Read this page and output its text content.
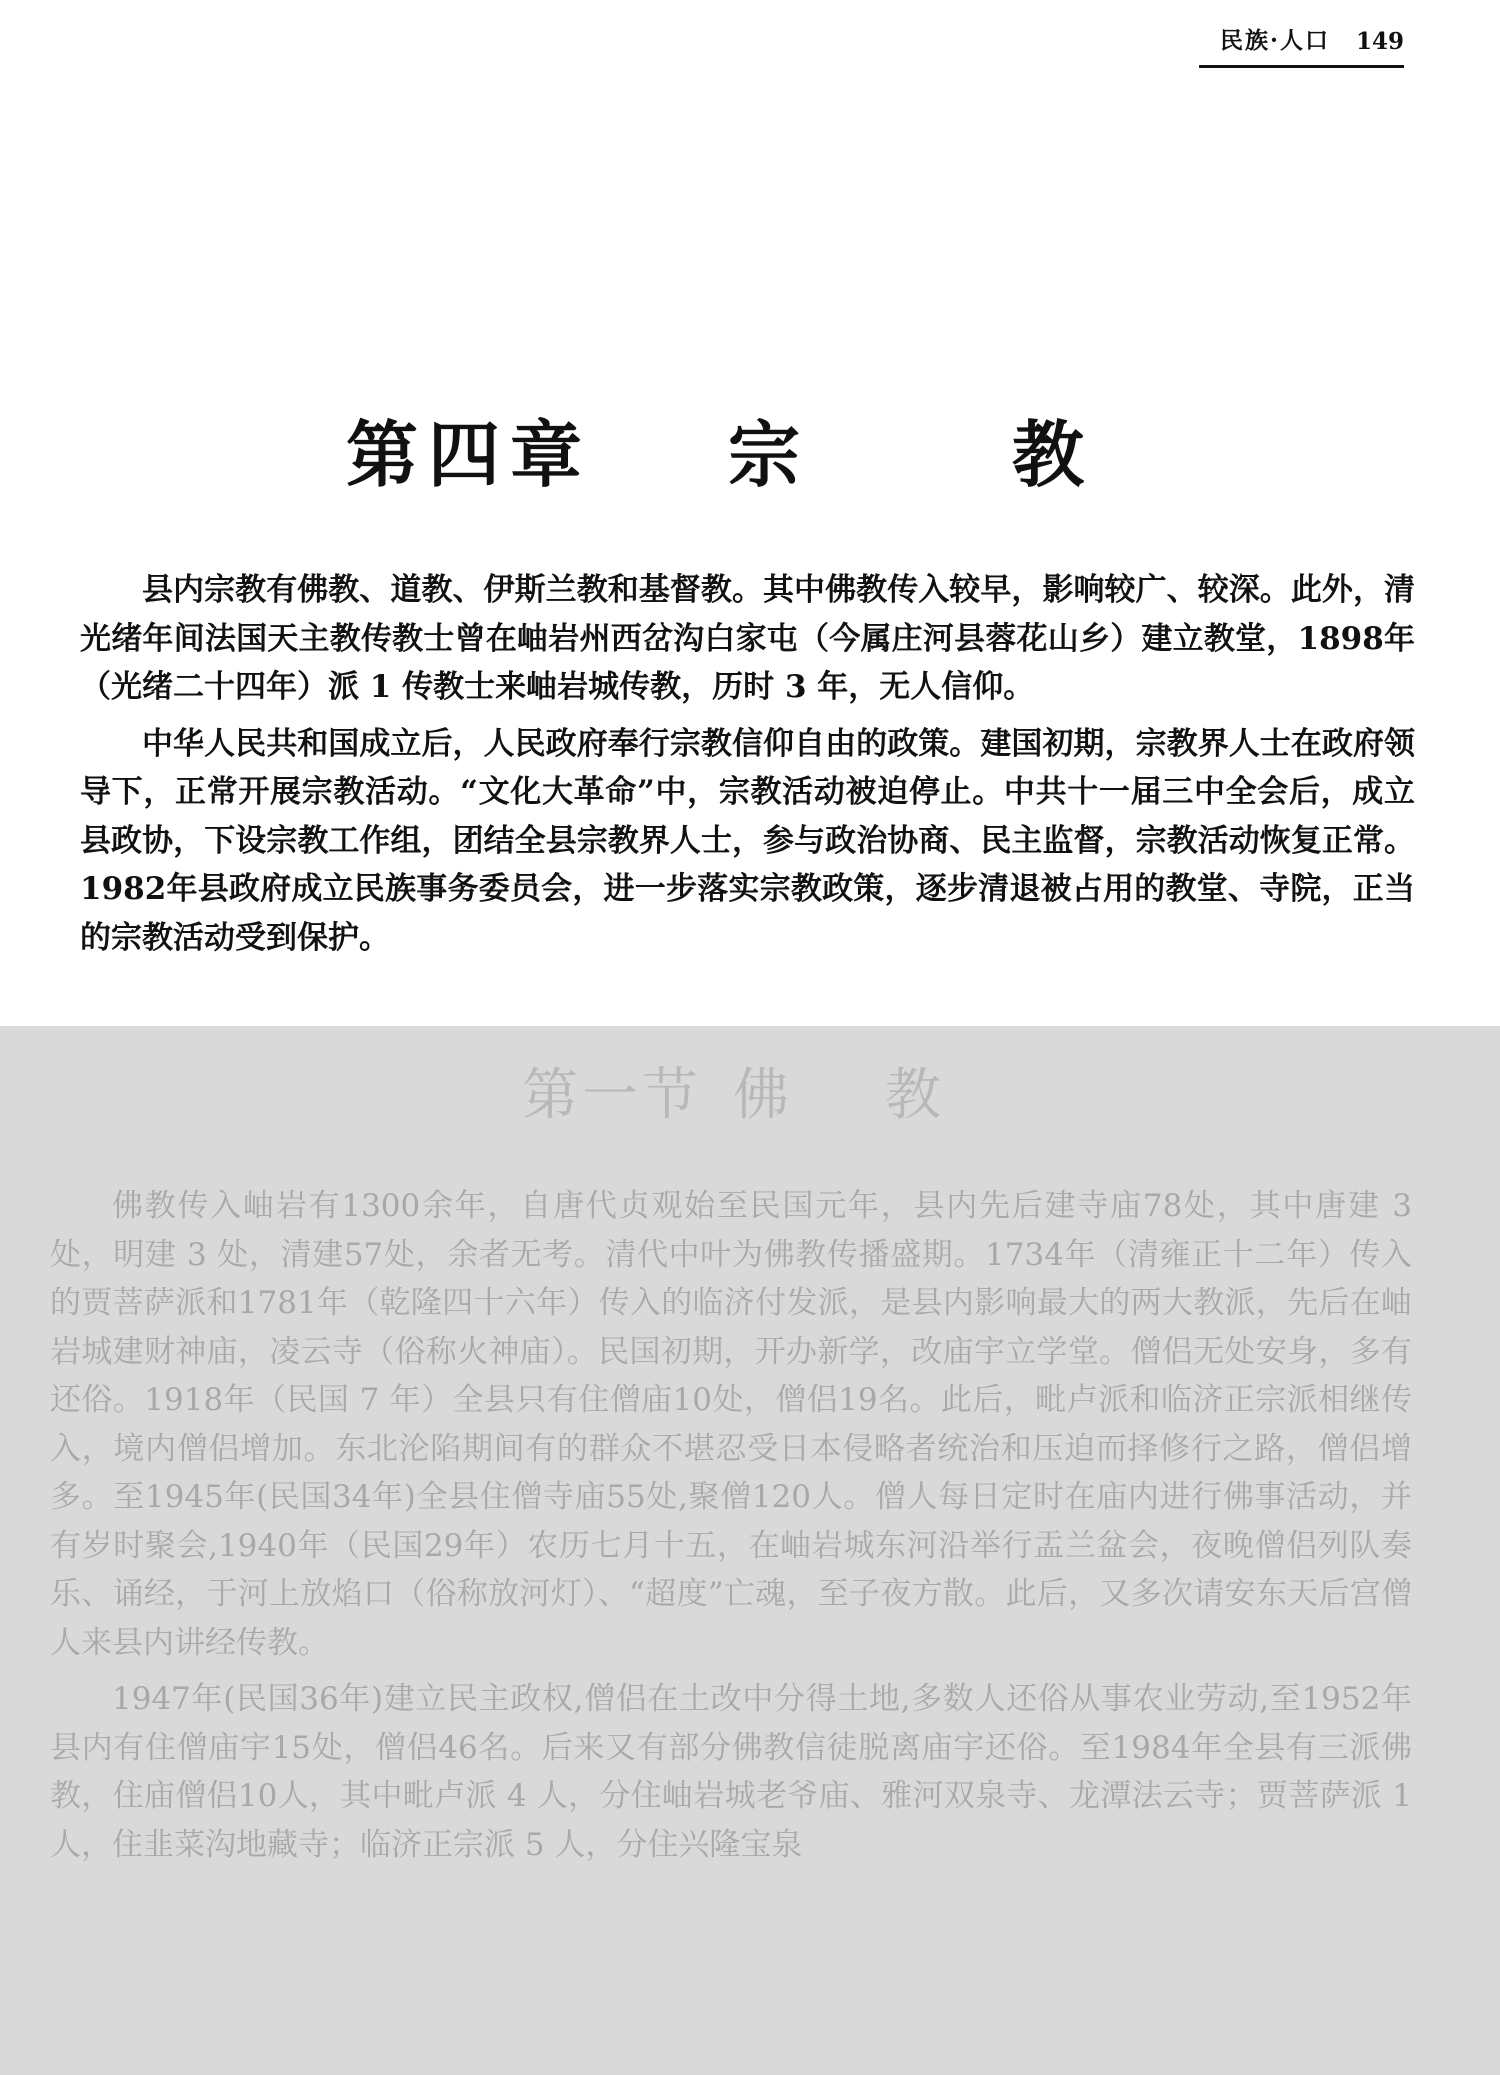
民族·人口 149
第四章 宗	教

县内宗教有佛教、道教、伊斯兰教和基督教。其中佛教传入较早，影响较广、较深。此外，清光绪年间法国天主教传教士曾在岫岩州西岔沟白家屯（今属庄河县蓉花山乡）建立教堂，1898年（光绪二十四年）派 1 传教士来岫岩城传教，历时 3 年，无人信仰。

中华人民共和国成立后，人民政府奉行宗教信仰自由的政策。建国初期，宗教界人士在政府领导下，正常开展宗教活动。“文化大革命”中，宗教活动被迫停止。中共十一届三中全会后，成立县政协，下设宗教工作组，团结全县宗教界人士，参与政治协商、民主监督，宗教活动恢复正常。1982年县政府成立民族事务委员会，进一步落实宗教政策，逐步清退被占用的教堂、寺院，正当的宗教活动受到保护。

第一节 佛 教

佛教传入岫岩有1300余年，自唐代贞观始至民国元年，县内先后建寺庙78处，其中唐建 3 处，明建 3 处，清建57处，余者无考。清代中叶为佛教传播盛期。1734年（清雍正十二年）传入的贾菩萨派和1781年（乾隆四十六年）传入的临济付发派，是县内影响最大的两大教派，先后在岫岩城建财神庙，凌云寺（俗称火神庙）。民国初期，开办新学，改庙宇立学堂。僧侣无处安身，多有还俗。1918年（民国 7 年）全县只有住僧庙10处，僧侣19名。此后，毗卢派和临济正宗派相继传入，境内僧侣增加。东北沦陷期间有的群众不堪忍受日本侵略者统治和压迫而择修行之路，僧侣增多。至1945年(民国34年)全县住僧寺庙55处,聚僧120人。僧人每日定时在庙内进行佛事活动，并有岁时聚会,1940年（民国29年）农历七月十五，在岫岩城东河沿举行盂兰盆会，夜晚僧侣列队奏乐、诵经，于河上放焰口（俗称放河灯）、“超度”亡魂，至子夜方散。此后，又多次请安东天后宫僧人来县内讲经传教。

1947年(民国36年)建立民主政权,僧侣在土改中分得土地,多数人还俗从事农业劳动,至1952年县内有住僧庙宇15处，僧侣46名。后来又有部分佛教信徒脱离庙宇还俗。至1984年全县有三派佛教，住庙僧侣10人，其中毗卢派 4 人，分住岫岩城老爷庙、雅河双泉寺、龙潭法云寺；贾菩萨派 1 人，住韭菜沟地藏寺；临济正宗派 5 人，分住兴隆宝泉
